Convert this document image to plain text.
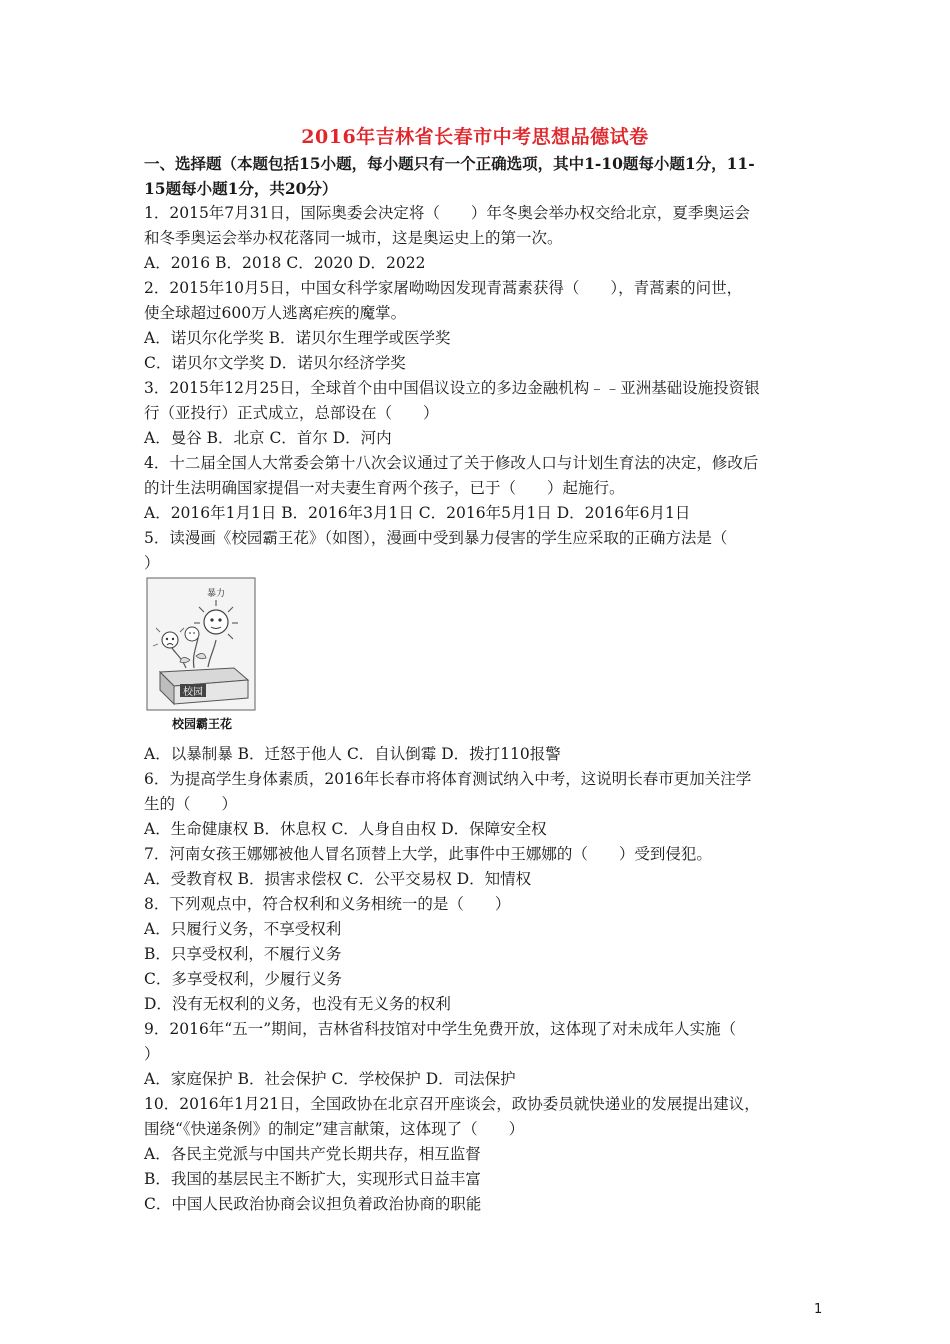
2016年吉林省长春市中考思想品德试卷
一、选择题（本题包括15小题，每小题只有一个正确选项，其中1-10题每小题1分，11-
15题每小题1分，共20分）
1．2015年7月31日，国际奥委会决定将（　　）年冬奥会举办权交给北京，夏季奥运会
和冬季奥运会举办权花落同一城市，这是奥运史上的第一次。
A．2016 B．2018 C．2020 D．2022
2．2015年10月5日，中国女科学家屠呦呦因发现青蒿素获得（　　），青蒿素的问世，
使全球超过600万人逃离疟疾的魔掌。
A．诺贝尔化学奖 B．诺贝尔生理学或医学奖
C．诺贝尔文学奖 D．诺贝尔经济学奖
3．2015年12月25日，全球首个由中国倡议设立的多边金融机构﹣﹣亚洲基础设施投资银
行（亚投行）正式成立，总部设在（　　）
A．曼谷 B．北京 C．首尔 D．河内
4．十二届全国人大常委会第十八次会议通过了关于修改人口与计划生育法的决定，修改后
的计生法明确国家提倡一对夫妻生育两个孩子，已于（　　）起施行。
A．2016年1月1日 B．2016年3月1日 C．2016年5月1日 D．2016年6月1日
5．读漫画《校园霸王花》（如图），漫画中受到暴力侵害的学生应采取的正确方法是（
）
校园
暴力
校园霸王花
A．以暴制暴 B．迁怒于他人 C．自认倒霉 D．拨打110报警
6．为提高学生身体素质，2016年长春市将体育测试纳入中考，这说明长春市更加关注学
生的（　　）
A．生命健康权 B．休息权 C．人身自由权 D．保障安全权
7．河南女孩王娜娜被他人冒名顶替上大学，此事件中王娜娜的（　　）受到侵犯。
A．受教育权 B．损害求偿权 C．公平交易权 D．知情权
8．下列观点中，符合权利和义务相统一的是（　　）
A．只履行义务，不享受权利
B．只享受权利，不履行义务
C．多享受权利，少履行义务
D．没有无权利的义务，也没有无义务的权利
9．2016年“五一”期间，吉林省科技馆对中学生免费开放，这体现了对未成年人实施（
）
A．家庭保护 B．社会保护 C．学校保护 D．司法保护
10．2016年1月21日，全国政协在北京召开座谈会，政协委员就快递业的发展提出建议，
围绕“《快递条例》的制定”建言献策，这体现了（　　）
A．各民主党派与中国共产党长期共存，相互监督
B．我国的基层民主不断扩大，实现形式日益丰富
C．中国人民政治协商会议担负着政治协商的职能
1
